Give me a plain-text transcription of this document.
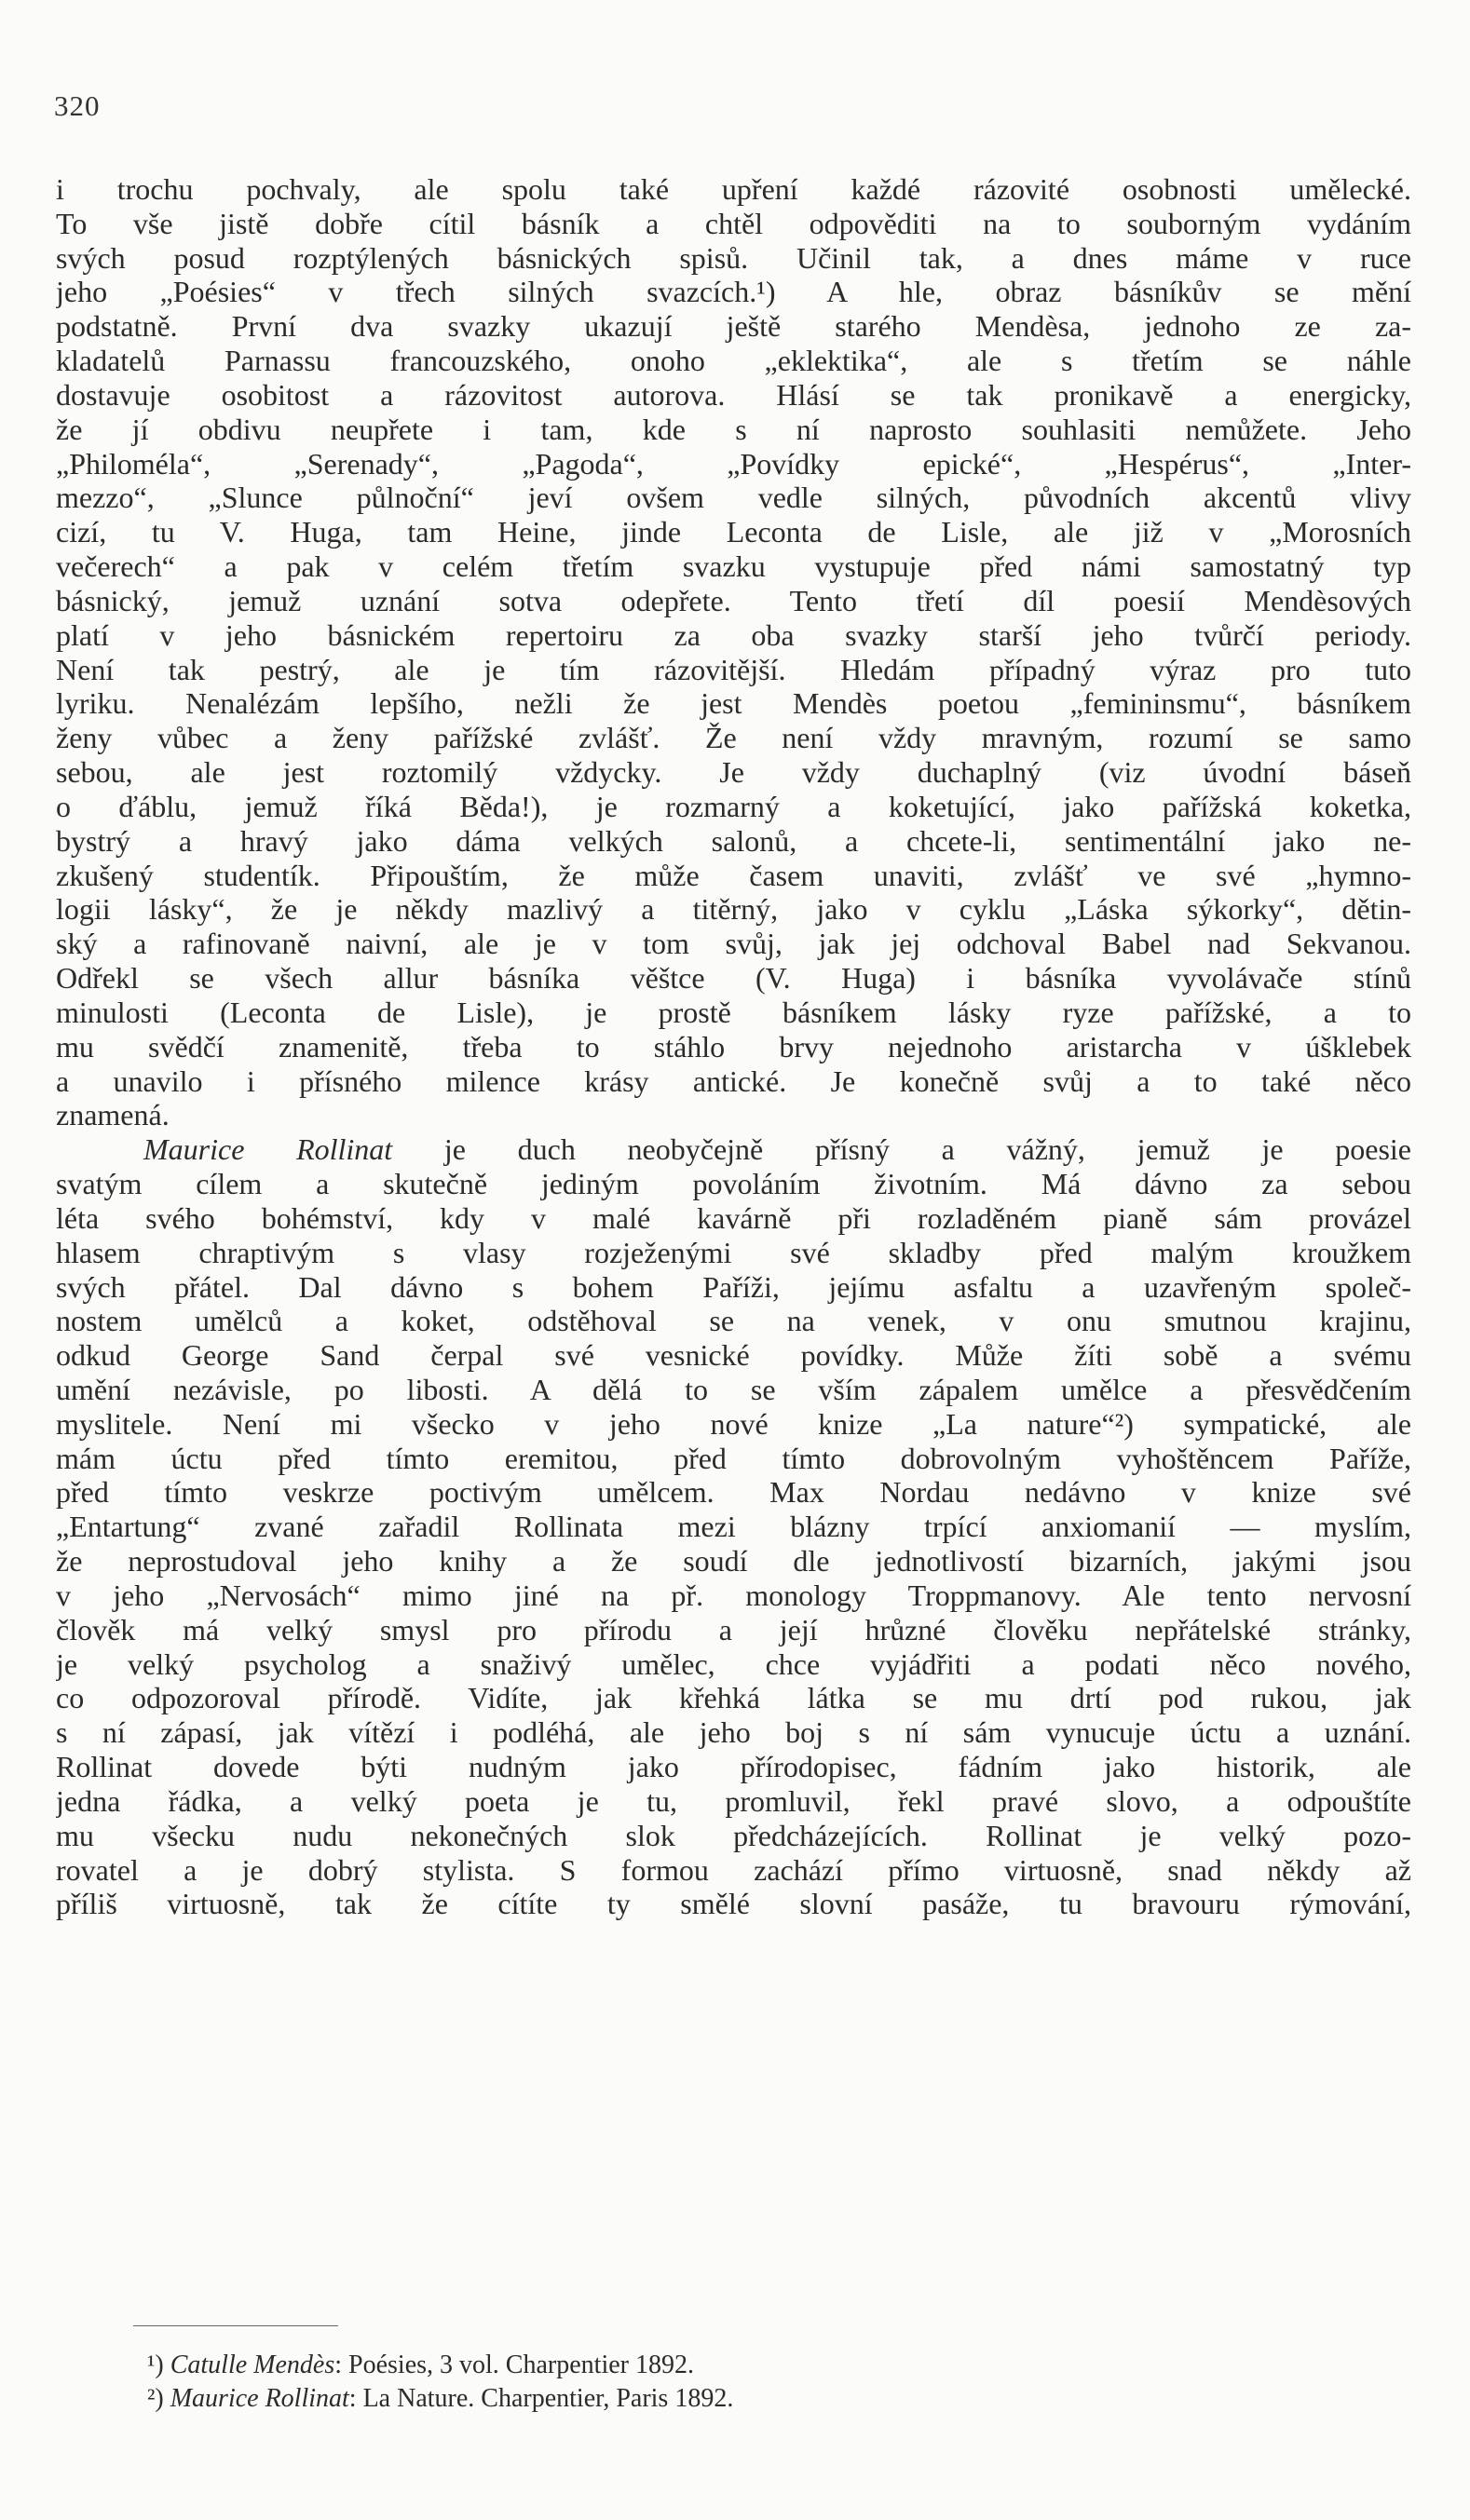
320
i trochu pochvaly, ale spolu také upření každé rázovité osobnosti umělecké.
To vše jistě dobře cítil básník a chtěl odpověditi na to souborným vydáním
svých posud rozptýlených básnických spisů. Učinil tak, a dnes máme v ruce
jeho „Poésies“ v třech silných svazcích.¹) A hle, obraz básníkův se mění
podstatně. První dva svazky ukazují ještě starého Mendèsa, jednoho ze za-
kladatelů Parnassu francouzského, onoho „eklektika“, ale s třetím se náhle
dostavuje osobitost a rázovitost autorova. Hlásí se tak pronikavě a energicky,
že jí obdivu neupřete i tam, kde s ní naprosto souhlasiti nemůžete. Jeho
„Philoméla“, „Serenady“, „Pagoda“, „Povídky epické“, „Hespérus“, „Inter-
mezzo“, „Slunce půlnoční“ jeví ovšem vedle silných, původních akcentů vlivy
cizí, tu V. Huga, tam Heine, jinde Leconta de Lisle, ale již v „Morosních
večerech“ a pak v celém třetím svazku vystupuje před námi samostatný typ
básnický, jemuž uznání sotva odepřete. Tento třetí díl poesií Mendèsových
platí v jeho básnickém repertoiru za oba svazky starší jeho tvůrčí periody.
Není tak pestrý, ale je tím rázovitější. Hledám případný výraz pro tuto
lyriku. Nenalézám lepšího, nežli že jest Mendès poetou „femininsmu“, básníkem
ženy vůbec a ženy pařížské zvlášť. Že není vždy mravným, rozumí se samo
sebou, ale jest roztomilý vždycky. Je vždy duchaplný (viz úvodní báseň
o ďáblu, jemuž říká Běda!), je rozmarný a koketující, jako pařížská koketka,
bystrý a hravý jako dáma velkých salonů, a chcete-li, sentimentální jako ne-
zkušený studentík. Připouštím, že může časem unaviti, zvlášť ve své „hymno-
logii lásky“, že je někdy mazlivý a titěrný, jako v cyklu „Láska sýkorky“, dětin-
ský a rafinovaně naivní, ale je v tom svůj, jak jej odchoval Babel nad Sekvanou.
Odřekl se všech allur básníka věštce (V. Huga) i básníka vyvolávače stínů
minulosti (Leconta de Lisle), je prostě básníkem lásky ryze pařížské, a to
mu svědčí znamenitě, třeba to stáhlo brvy nejednoho aristarcha v úšklebek
a unavilo i přísného milence krásy antické. Je konečně svůj a to také něco
znamená.
Maurice Rollinat je duch neobyčejně přísný a vážný, jemuž je poesie
svatým cílem a skutečně jediným povoláním životním. Má dávno za sebou
léta svého bohémství, kdy v malé kavárně při rozladěném pianě sám provázel
hlasem chraptivým s vlasy rozježenými své skladby před malým kroužkem
svých přátel. Dal dávno s bohem Paříži, jejímu asfaltu a uzavřeným společ-
nostem umělců a koket, odstěhoval se na venek, v onu smutnou krajinu,
odkud George Sand čerpal své vesnické povídky. Může žíti sobě a svému
umění nezávisle, po libosti. A dělá to se vším zápalem umělce a přesvědčením
myslitele. Není mi všecko v jeho nové knize „La nature“²) sympatické, ale
mám úctu před tímto eremitou, před tímto dobrovolným vyhoštěncem Paříže,
před tímto veskrze poctivým umělcem. Max Nordau nedávno v knize své
„Entartung“ zvané zařadil Rollinata mezi blázny trpící anxiomanií — myslím,
že neprostudoval jeho knihy a že soudí dle jednotlivostí bizarních, jakými jsou
v jeho „Nervosách“ mimo jiné na př. monology Troppmanovy. Ale tento nervosní
člověk má velký smysl pro přírodu a její hrůzné člověku nepřátelské stránky,
je velký psycholog a snaživý umělec, chce vyjádřiti a podati něco nového,
co odpozoroval přírodě. Vidíte, jak křehká látka se mu drtí pod rukou, jak
s ní zápasí, jak vítězí i podléhá, ale jeho boj s ní sám vynucuje úctu a uznání.
Rollinat dovede býti nudným jako přírodopisec, fádním jako historik, ale
jedna řádka, a velký poeta je tu, promluvil, řekl pravé slovo, a odpouštíte
mu všecku nudu nekonečných slok předcházejících. Rollinat je velký pozo-
rovatel a je dobrý stylista. S formou zachází přímo virtuosně, snad někdy až
příliš virtuosně, tak že cítíte ty smělé slovní pasáže, tu bravouru rýmování,
¹) Catulle Mendès: Poésies, 3 vol. Charpentier 1892.
²) Maurice Rollinat: La Nature. Charpentier, Paris 1892.
